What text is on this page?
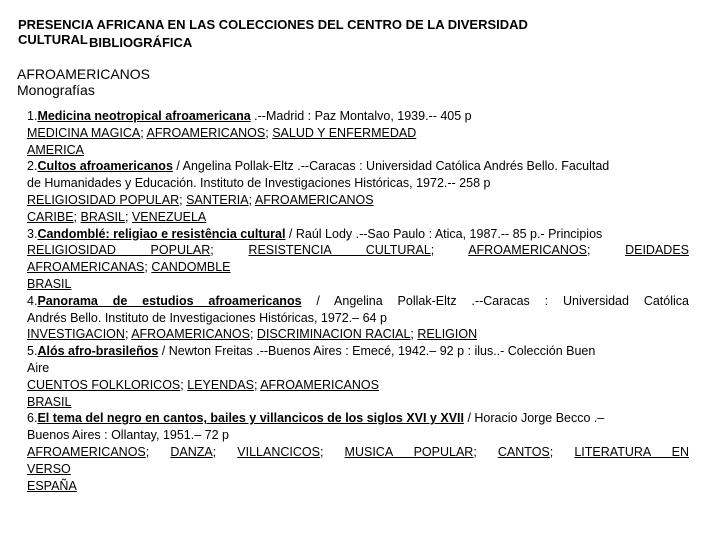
PRESENCIA AFRICANA EN LAS COLECCIONES DEL CENTRO DE LA DIVERSIDAD
CULTURAL BIBLIOGRÁFICA
AFROAMERICANOS
Monografías
1.Medicina neotropical afroamericana .--Madrid : Paz Montalvo, 1939.-- 405 p
MEDICINA MAGICA; AFROAMERICANOS; SALUD Y ENFERMEDAD
AMERICA
2.Cultos afroamericanos / Angelina Pollak-Eltz .--Caracas : Universidad Católica Andrés Bello. Facultad
de Humanidades y Educación. Instituto de Investigaciones Históricas, 1972.-- 258 p
RELIGIOSIDAD POPULAR; SANTERIA; AFROAMERICANOS
CARIBE; BRASIL; VENEZUELA
3.Candomblé: religiao e resistência cultural / Raúl Lody .--Sao Paulo : Atica, 1987.-- 85 p.- Principios
RELIGIOSIDAD POPULAR; RESISTENCIA CULTURAL; AFROAMERICANOS; DEIDADES
AFROAMERICANAS; CANDOMBLE
BRASIL
4.Panorama de estudios afroamericanos / Angelina Pollak-Eltz .--Caracas : Universidad Católica
Andrés Bello. Instituto de Investigaciones Históricas, 1972.– 64 p
INVESTIGACION; AFROAMERICANOS; DISCRIMINACION RACIAL; RELIGION
5.Alós afro-brasileños / Newton Freitas .--Buenos Aires : Emecé, 1942.– 92 p : ilus..- Colección Buen
Aire
CUENTOS FOLKLORICOS; LEYENDAS; AFROAMERICANOS
BRASIL
6.El tema del negro en cantos, bailes y villancicos de los siglos XVI y XVII / Horacio Jorge Becco .–
Buenos Aires : Ollantay, 1951.– 72 p
AFROAMERICANOS; DANZA; VILLANCICOS; MUSICA POPULAR; CANTOS; LITERATURA EN
VERSO
ESPAÑA
